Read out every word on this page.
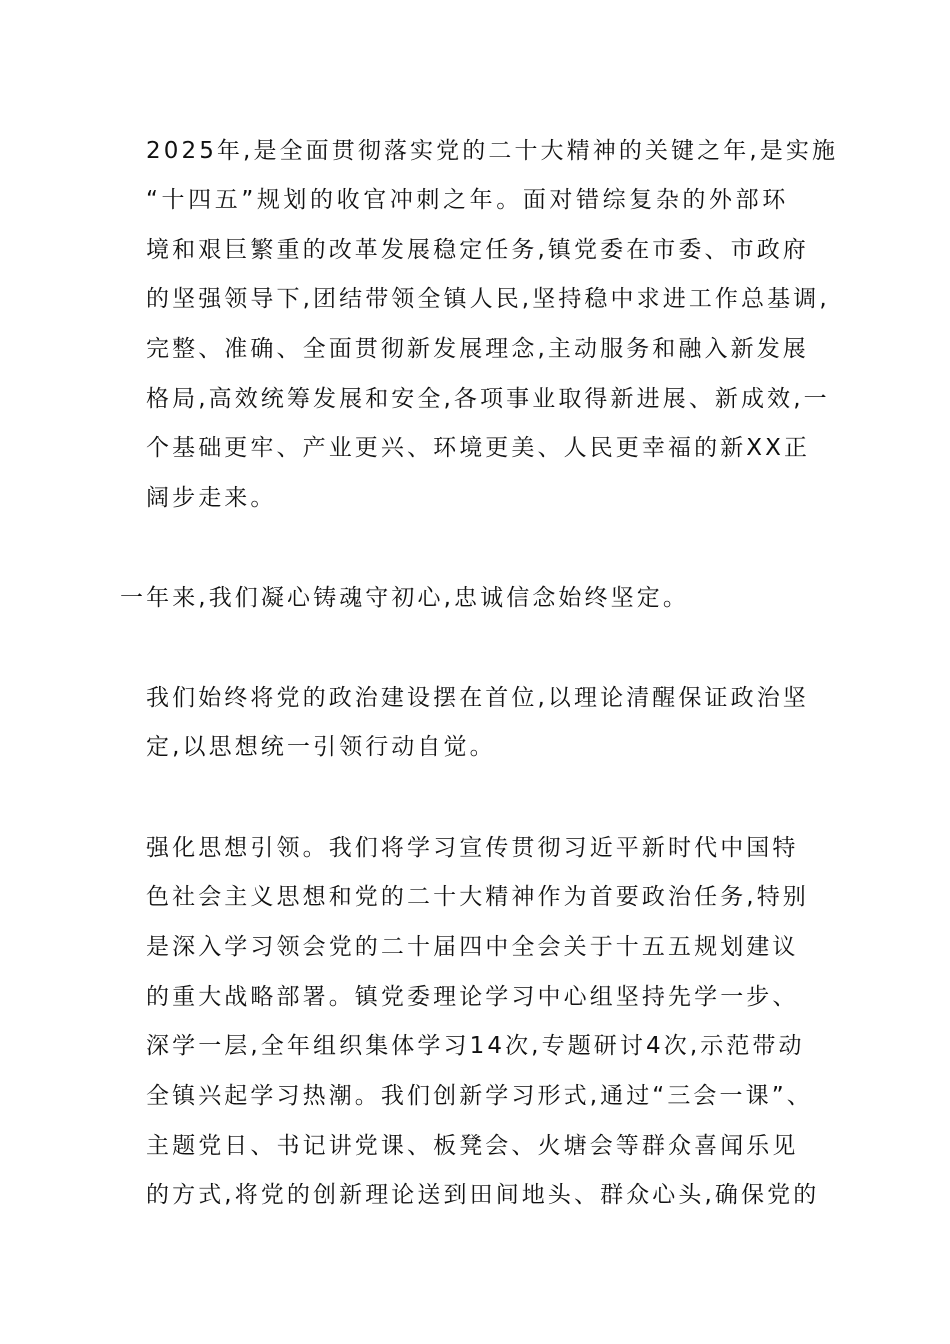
2025年,是全面贯彻落实党的二十大精神的关键之年,是实施
“十四五”规划的收官冲刺之年。面对错综复杂的外部环
境和艰巨繁重的改革发展稳定任务,镇党委在市委、市政府
的坚强领导下,团结带领全镇人民,坚持稳中求进工作总基调,
完整、准确、全面贯彻新发展理念,主动服务和融入新发展
格局,高效统筹发展和安全,各项事业取得新进展、新成效,一
个基础更牢、产业更兴、环境更美、人民更幸福的新XX正
阔步走来。
一年来,我们凝心铸魂守初心,忠诚信念始终坚定。
我们始终将党的政治建设摆在首位,以理论清醒保证政治坚
定,以思想统一引领行动自觉。
强化思想引领。我们将学习宣传贯彻习近平新时代中国特
色社会主义思想和党的二十大精神作为首要政治任务,特别
是深入学习领会党的二十届四中全会关于十五五规划建议
的重大战略部署。镇党委理论学习中心组坚持先学一步、
深学一层,全年组织集体学习14次,专题研讨4次,示范带动
全镇兴起学习热潮。我们创新学习形式,通过“三会一课”、
主题党日、书记讲党课、板凳会、火塘会等群众喜闻乐见
的方式,将党的创新理论送到田间地头、群众心头,确保党的
